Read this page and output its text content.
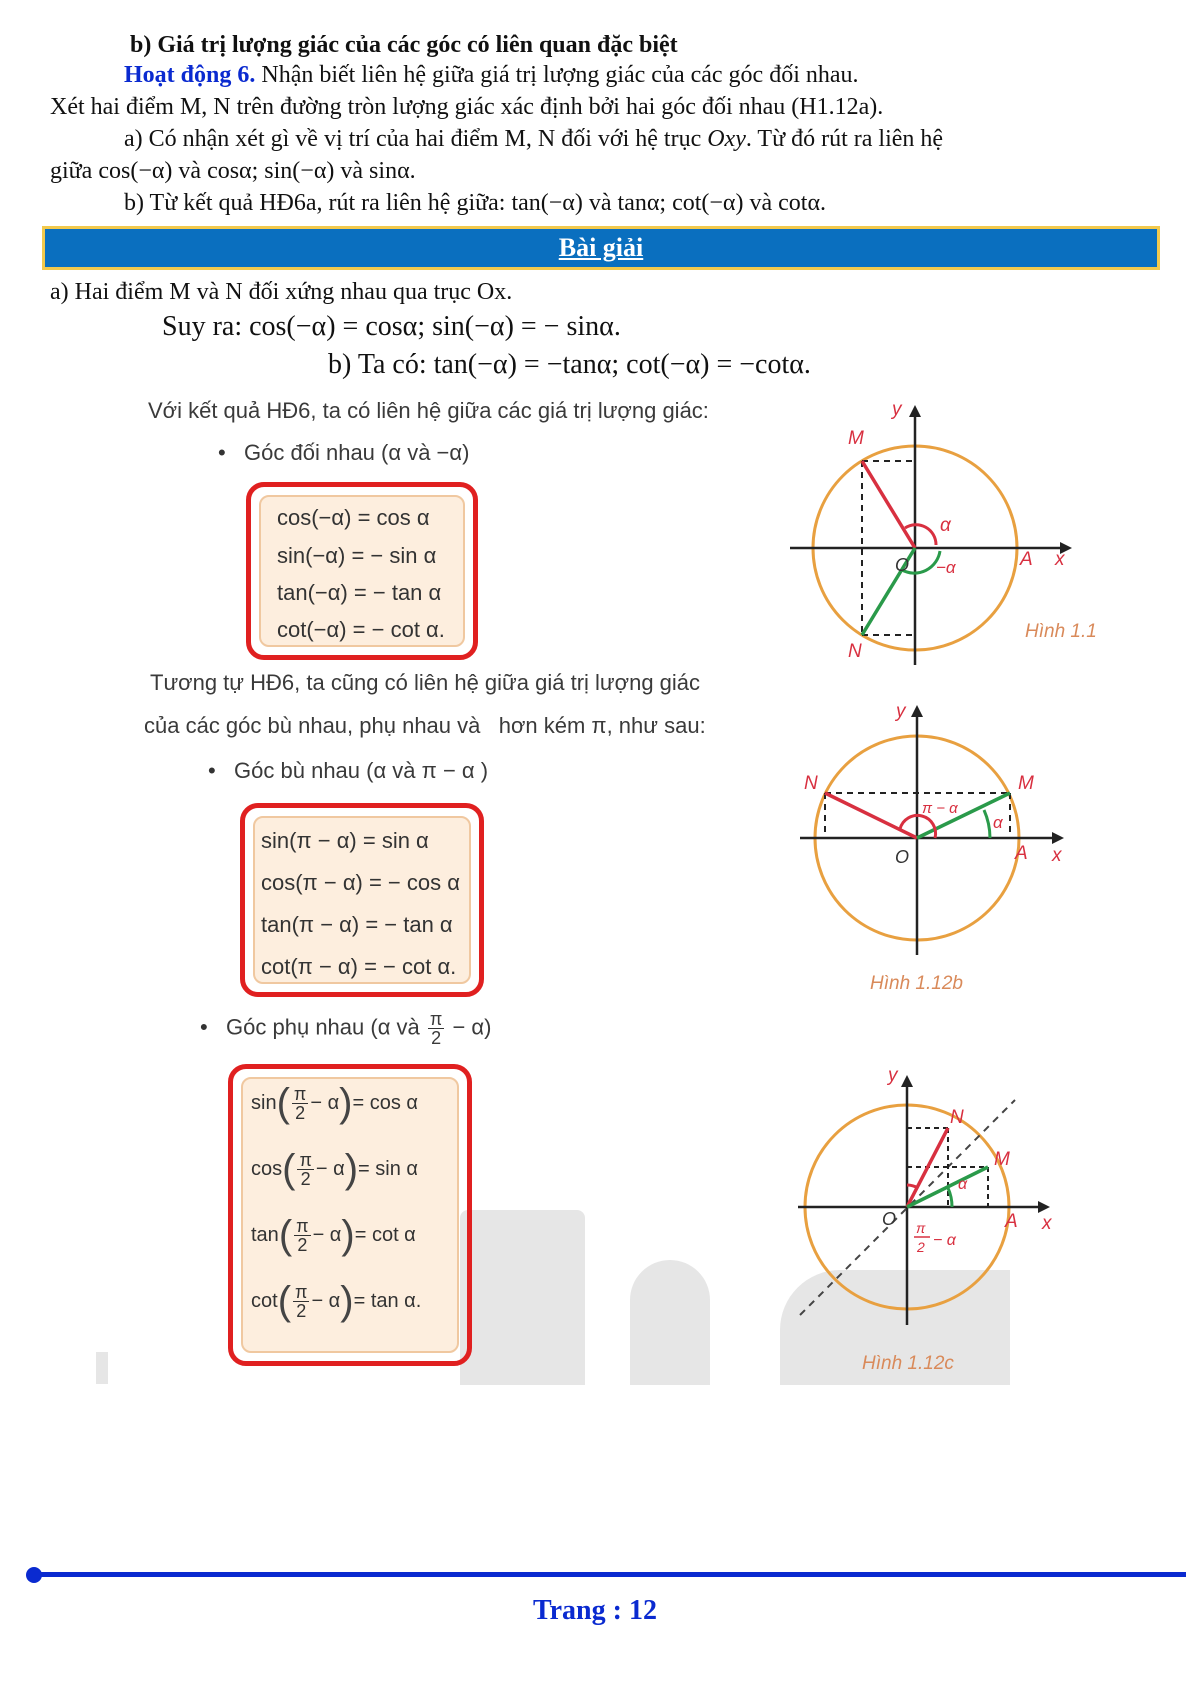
b) Giá trị lượng giác của các góc có liên quan đặc biệt
Hoạt động 6. Nhận biết liên hệ giữa giá trị lượng giác của các góc đối nhau.
Xét hai điểm M, N trên đường tròn lượng giác xác định bởi hai góc đối nhau (H1.12a).
a) Có nhận xét gì về vị trí của hai điểm M, N đối với hệ trục Oxy. Từ đó rút ra liên hệ
giữa cos(−α) và cosα; sin(−α) và sinα.
b) Từ kết quả HĐ6a, rút ra liên hệ giữa: tan(−α) và tanα; cot(−α) và cotα.
Bài giải
a) Hai điểm M và N đối xứng nhau qua trục Ox.
Suy ra: cos(−α) = cosα; sin(−α) = − sinα.
b) Ta có: tan(−α) = −tanα; cot(−α) = −cotα.
Với kết quả HĐ6, ta có liên hệ giữa các giá trị lượng giác:
• Góc đối nhau (α và −α)
cos(−α) = cos α
sin(−α) = − sin α
tan(−α) = − tan α
cot(−α) = − cot α.
Tương tự HĐ6, ta cũng có liên hệ giữa giá trị lượng giác
của các góc bù nhau, phụ nhau và   hơn kém π, như sau:
• Góc bù nhau (α và π − α )
sin(π − α) = sin α
cos(π − α) = − cos α
tan(π − α) = − tan α
cot(π − α) = − cot α.
• Góc phụ nhau (α và $\frac{\pi}{2} - \alpha$)
$\sin( \frac{\pi}{2} - \alpha)= \cos \alpha$
$\cos( \frac{\pi}{2} - \alpha)= \sin \alpha$
$\tan( \frac{\pi}{2} - \alpha)= \cot \alpha$
$\cot( \frac{\pi}{2} - \alpha)= \tan \alpha$.
M
N
O	A x
y
α
−α
Hình 1.1
N	M
O	A x
y
π − α
α
Hình 1.12b
N
M
O	A x
y
α
π
2 − α
Hình 1.12c
Trang : 12
